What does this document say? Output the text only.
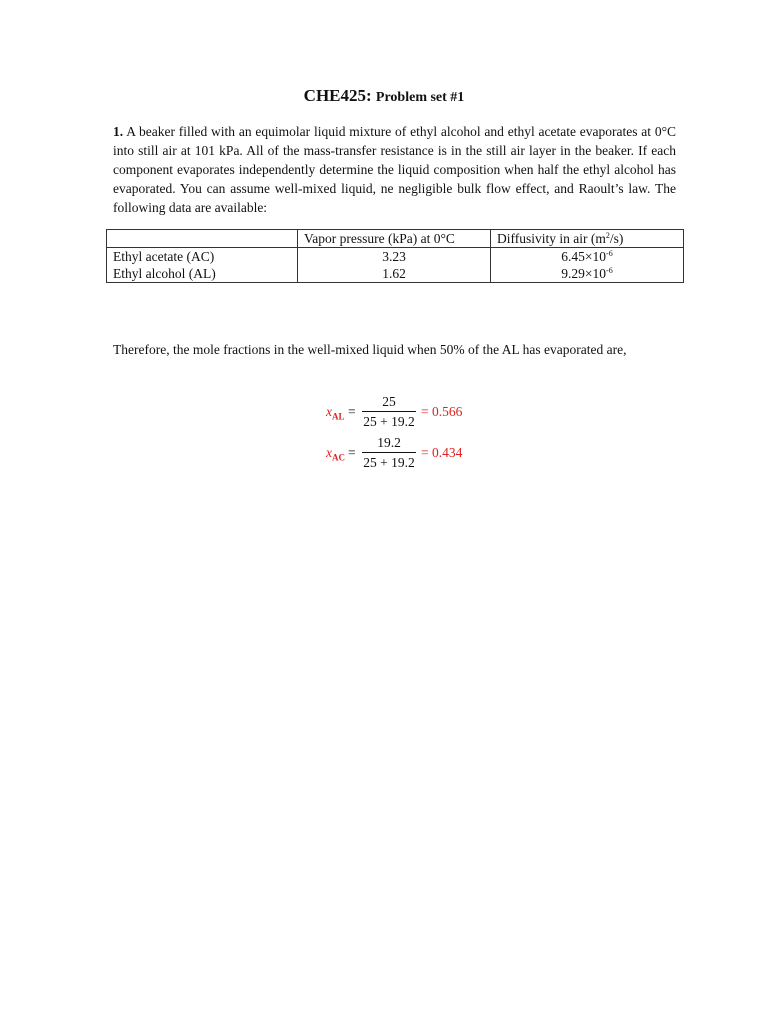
CHE425: Problem set #1
1. A beaker filled with an equimolar liquid mixture of ethyl alcohol and ethyl acetate evaporates at 0°C into still air at 101 kPa. All of the mass-transfer resistance is in the still air layer in the beaker. If each component evaporates independently determine the liquid composition when half the ethyl alcohol has evaporated. You can assume well-mixed liquid, ne negligible bulk flow effect, and Raoult’s law. The following data are available:
	Vapor pressure (kPa) at 0°C	Diffusivity in air $(m^2/s)$
Ethyl acetate (AC)	3.23	$6.45\times 10^{-6}$
Ethyl alcohol (AL)	1.62	$9.29\times 10^{-6}$
Therefore, the mole fractions in the well-mixed liquid when 50% of the AL has evaporated are,
$x_{AL}$ =
25
25 + 19.2
= 0.566
$x_{AC}$ =
19.2
25 + 19.2
= 0.434
